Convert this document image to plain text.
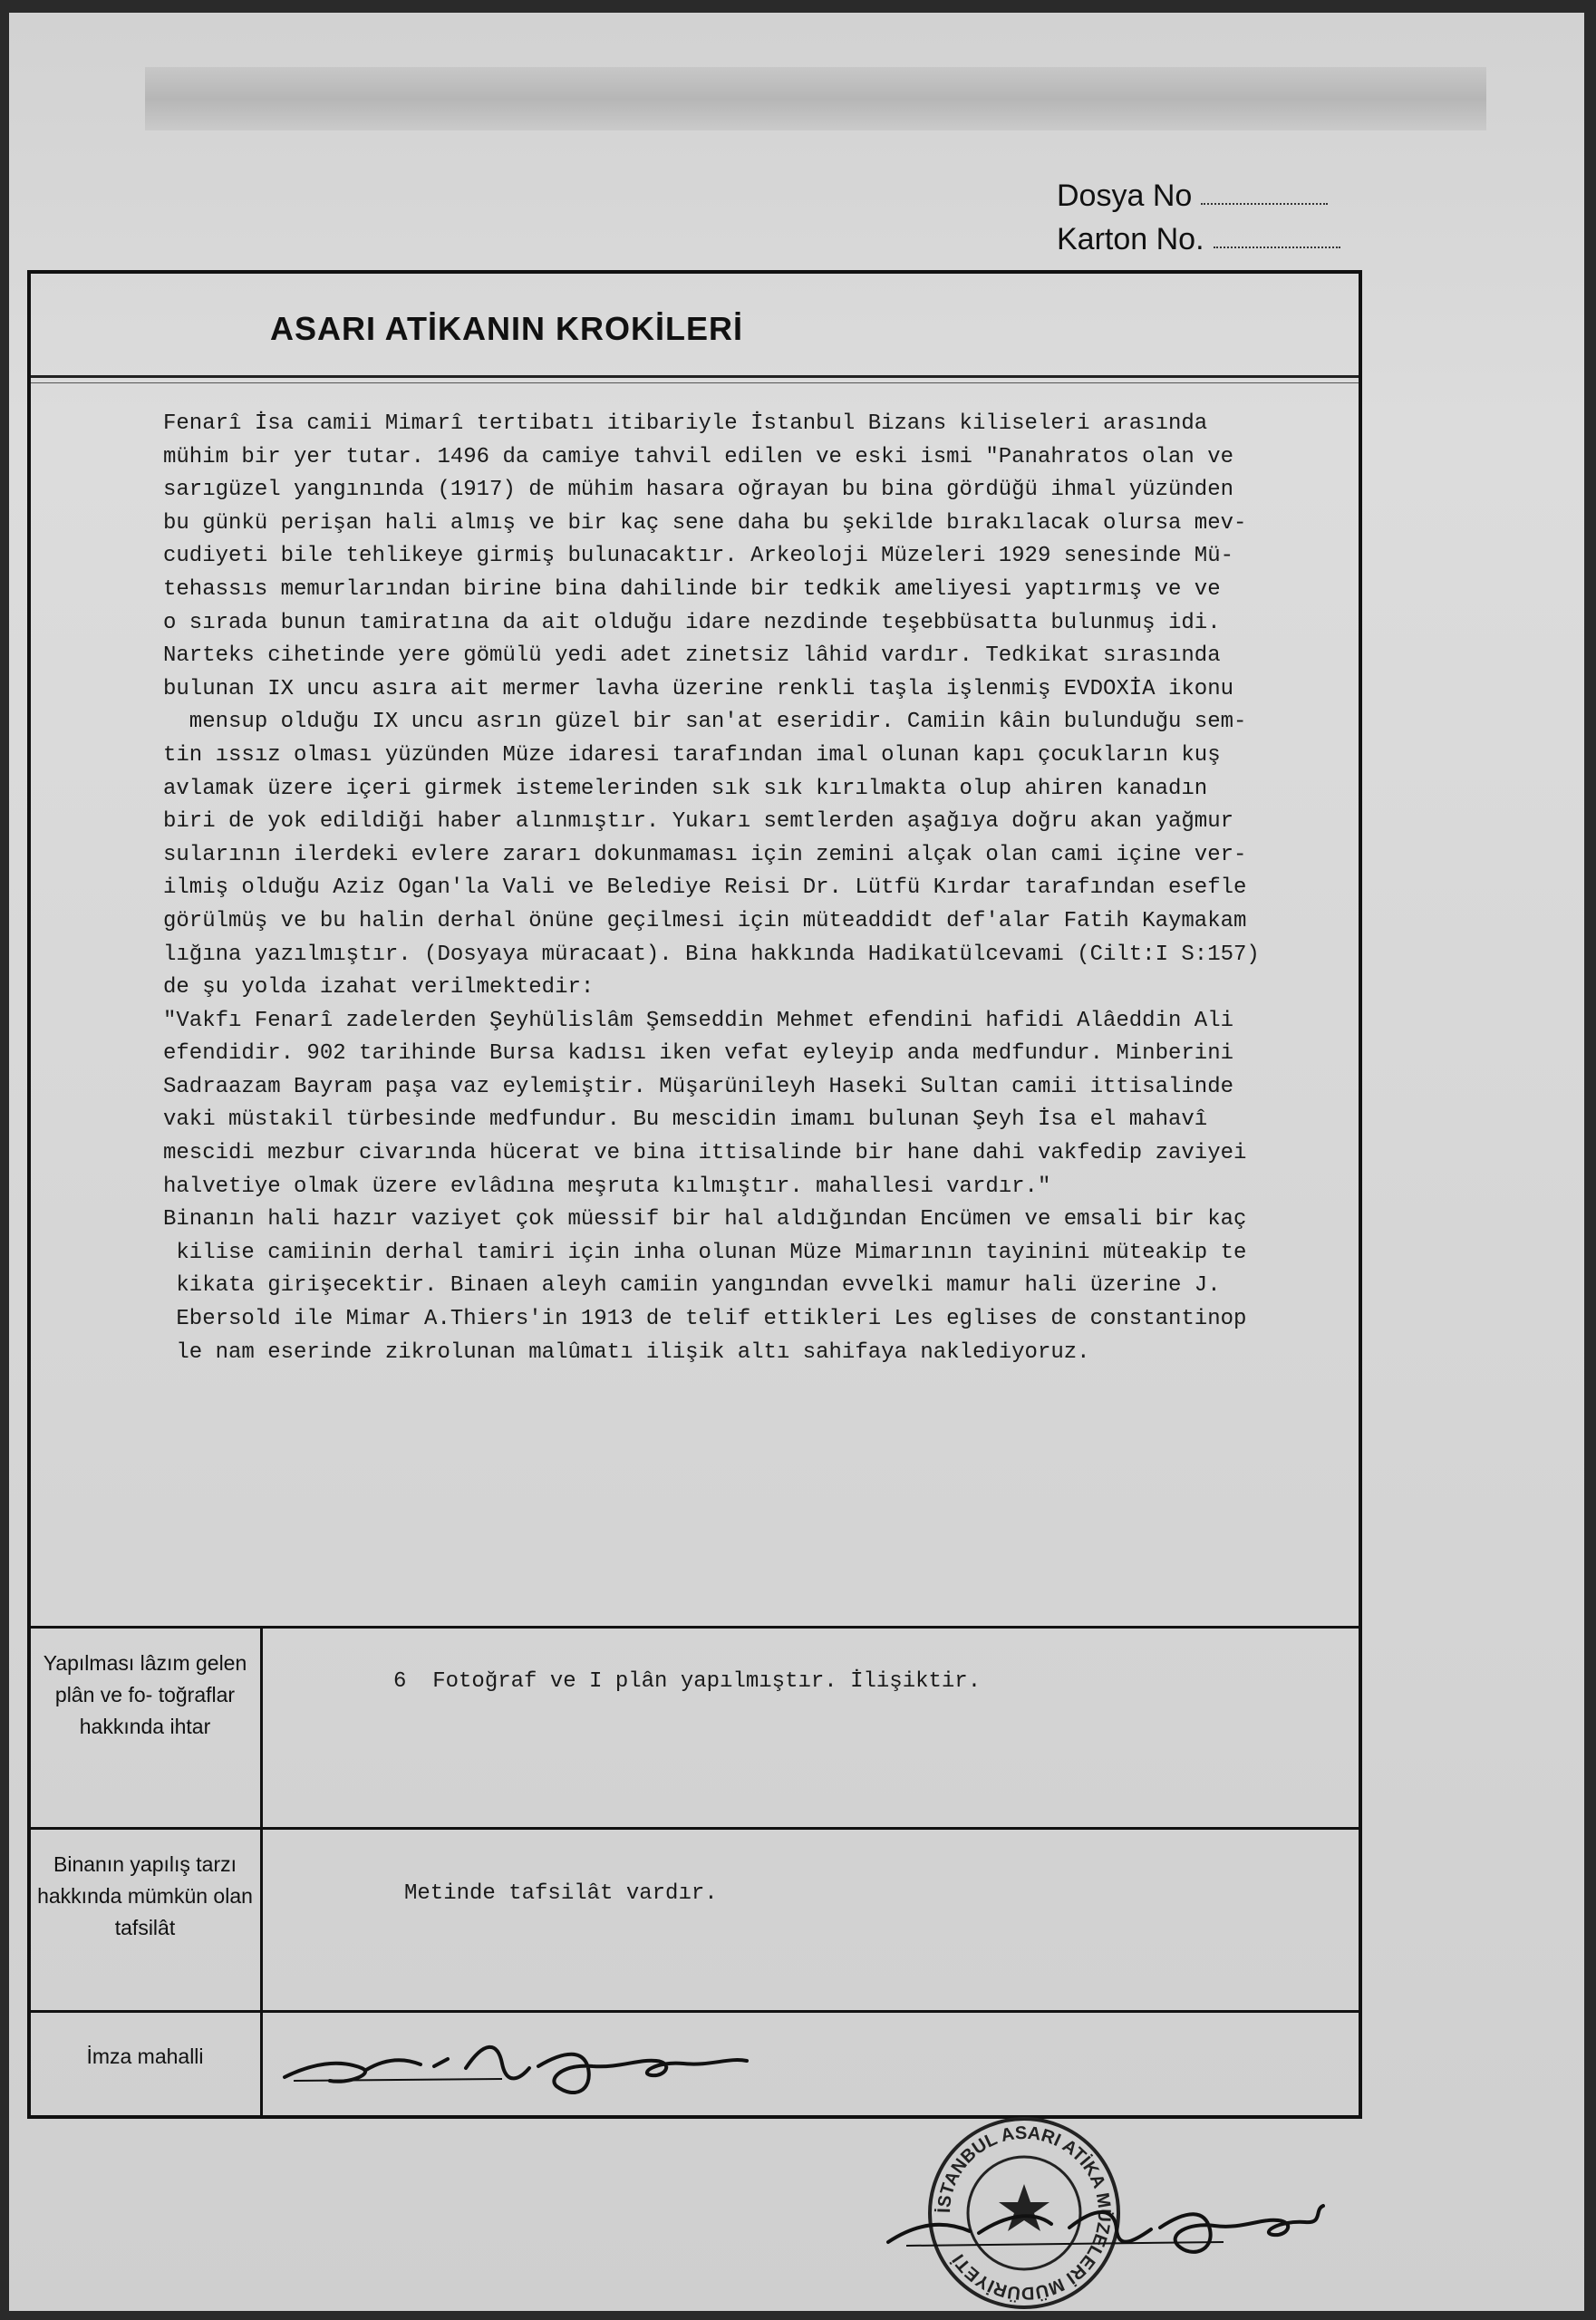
Dosya No
Karton No.
ASARI ATİKANIN KROKİLERİ
Fenarî İsa camii Mimarî tertibatı itibariyle İstanbul Bizans kiliseleri arasında
mühim bir yer tutar. 1496 da camiye tahvil edilen ve eski ismi "Panahratos olan ve
sarıgüzel yangınında (1917) de mühim hasara oğrayan bu bina gördüğü ihmal yüzünden
bu günkü perişan hali almış ve bir kaç sene daha bu şekilde bırakılacak olursa mev-
cudiyeti bile tehlikeye girmiş bulunacaktır. Arkeoloji Müzeleri 1929 senesinde Mü-
tehassıs memurlarından birine bina dahilinde bir tedkik ameliyesi yaptırmış ve ve
o sırada bunun tamiratına da ait olduğu idare nezdinde teşebbüsatta bulunmuş idi.
Narteks cihetinde yere gömülü yedi adet zinetsiz lâhid vardır. Tedkikat sırasında
bulunan IX uncu asıra ait mermer lavha üzerine renkli taşla işlenmiş EVDOXİA ikonu
mensup olduğu IX uncu asrın güzel bir san'at eseridir. Camiin kâin bulunduğu sem-
tin ıssız olması yüzünden Müze idaresi tarafından imal olunan kapı çocukların kuş
avlamak üzere içeri girmek istemelerinden sık sık kırılmakta olup ahiren kanadın
biri de yok edildiği haber alınmıştır. Yukarı semtlerden aşağıya doğru akan yağmur
sularının ilerdeki evlere zararı dokunmaması için zemini alçak olan cami içine ver-
ilmiş olduğu Aziz Ogan'la Vali ve Belediye Reisi Dr. Lütfü Kırdar tarafından esefle
görülmüş ve bu halin derhal önüne geçilmesi için müteaddidt def'alar Fatih Kaymakam
lığına yazılmıştır. (Dosyaya müracaat). Bina hakkında Hadikatülcevami (Cilt:I S:157)
de şu yolda izahat verilmektedir:
"Vakfı Fenarî zadelerden Şeyhülislâm Şemseddin Mehmet efendini hafidi Alâeddin Ali
efendidir. 902 tarihinde Bursa kadısı iken vefat eyleyip anda medfundur. Minberini
Sadraazam Bayram paşa vaz eylemiştir. Müşarünileyh Haseki Sultan camii ittisalinde
vaki müstakil türbesinde medfundur. Bu mescidin imamı bulunan Şeyh İsa el mahavî
mescidi mezbur civarında hücerat ve bina ittisalinde bir hane dahi vakfedip zaviyei
halvetiye olmak üzere evlâdına meşruta kılmıştır. mahallesi vardır."
Binanın hali hazır vaziyet çok müessif bir hal aldığından Encümen ve emsali bir kaç
kilise camiinin derhal tamiri için inha olunan Müze Mimarının tayinini müteakip te
kikata girişecektir. Binaen aleyh camiin yangından evvelki mamur hali üzerine J.
Ebersold ile Mimar A.Thiers'in 1913 de telif ettikleri Les eglises de constantinop
le nam eserinde zikrolunan malûmatı ilişik altı sahifaya naklediyoruz.
Yapılması lâzım gelen plân ve fo- toğraflar hakkında ihtar
6  Fotoğraf ve I plân yapılmıştır. İlişiktir.
Binanın yapılış tarzı hakkında mümkün olan tafsilât
Metinde tafsilât vardır.
İmza mahalli
İSTANBUL ASARI ATİKA MÜZELERİ MÜDÜRİYETİ
